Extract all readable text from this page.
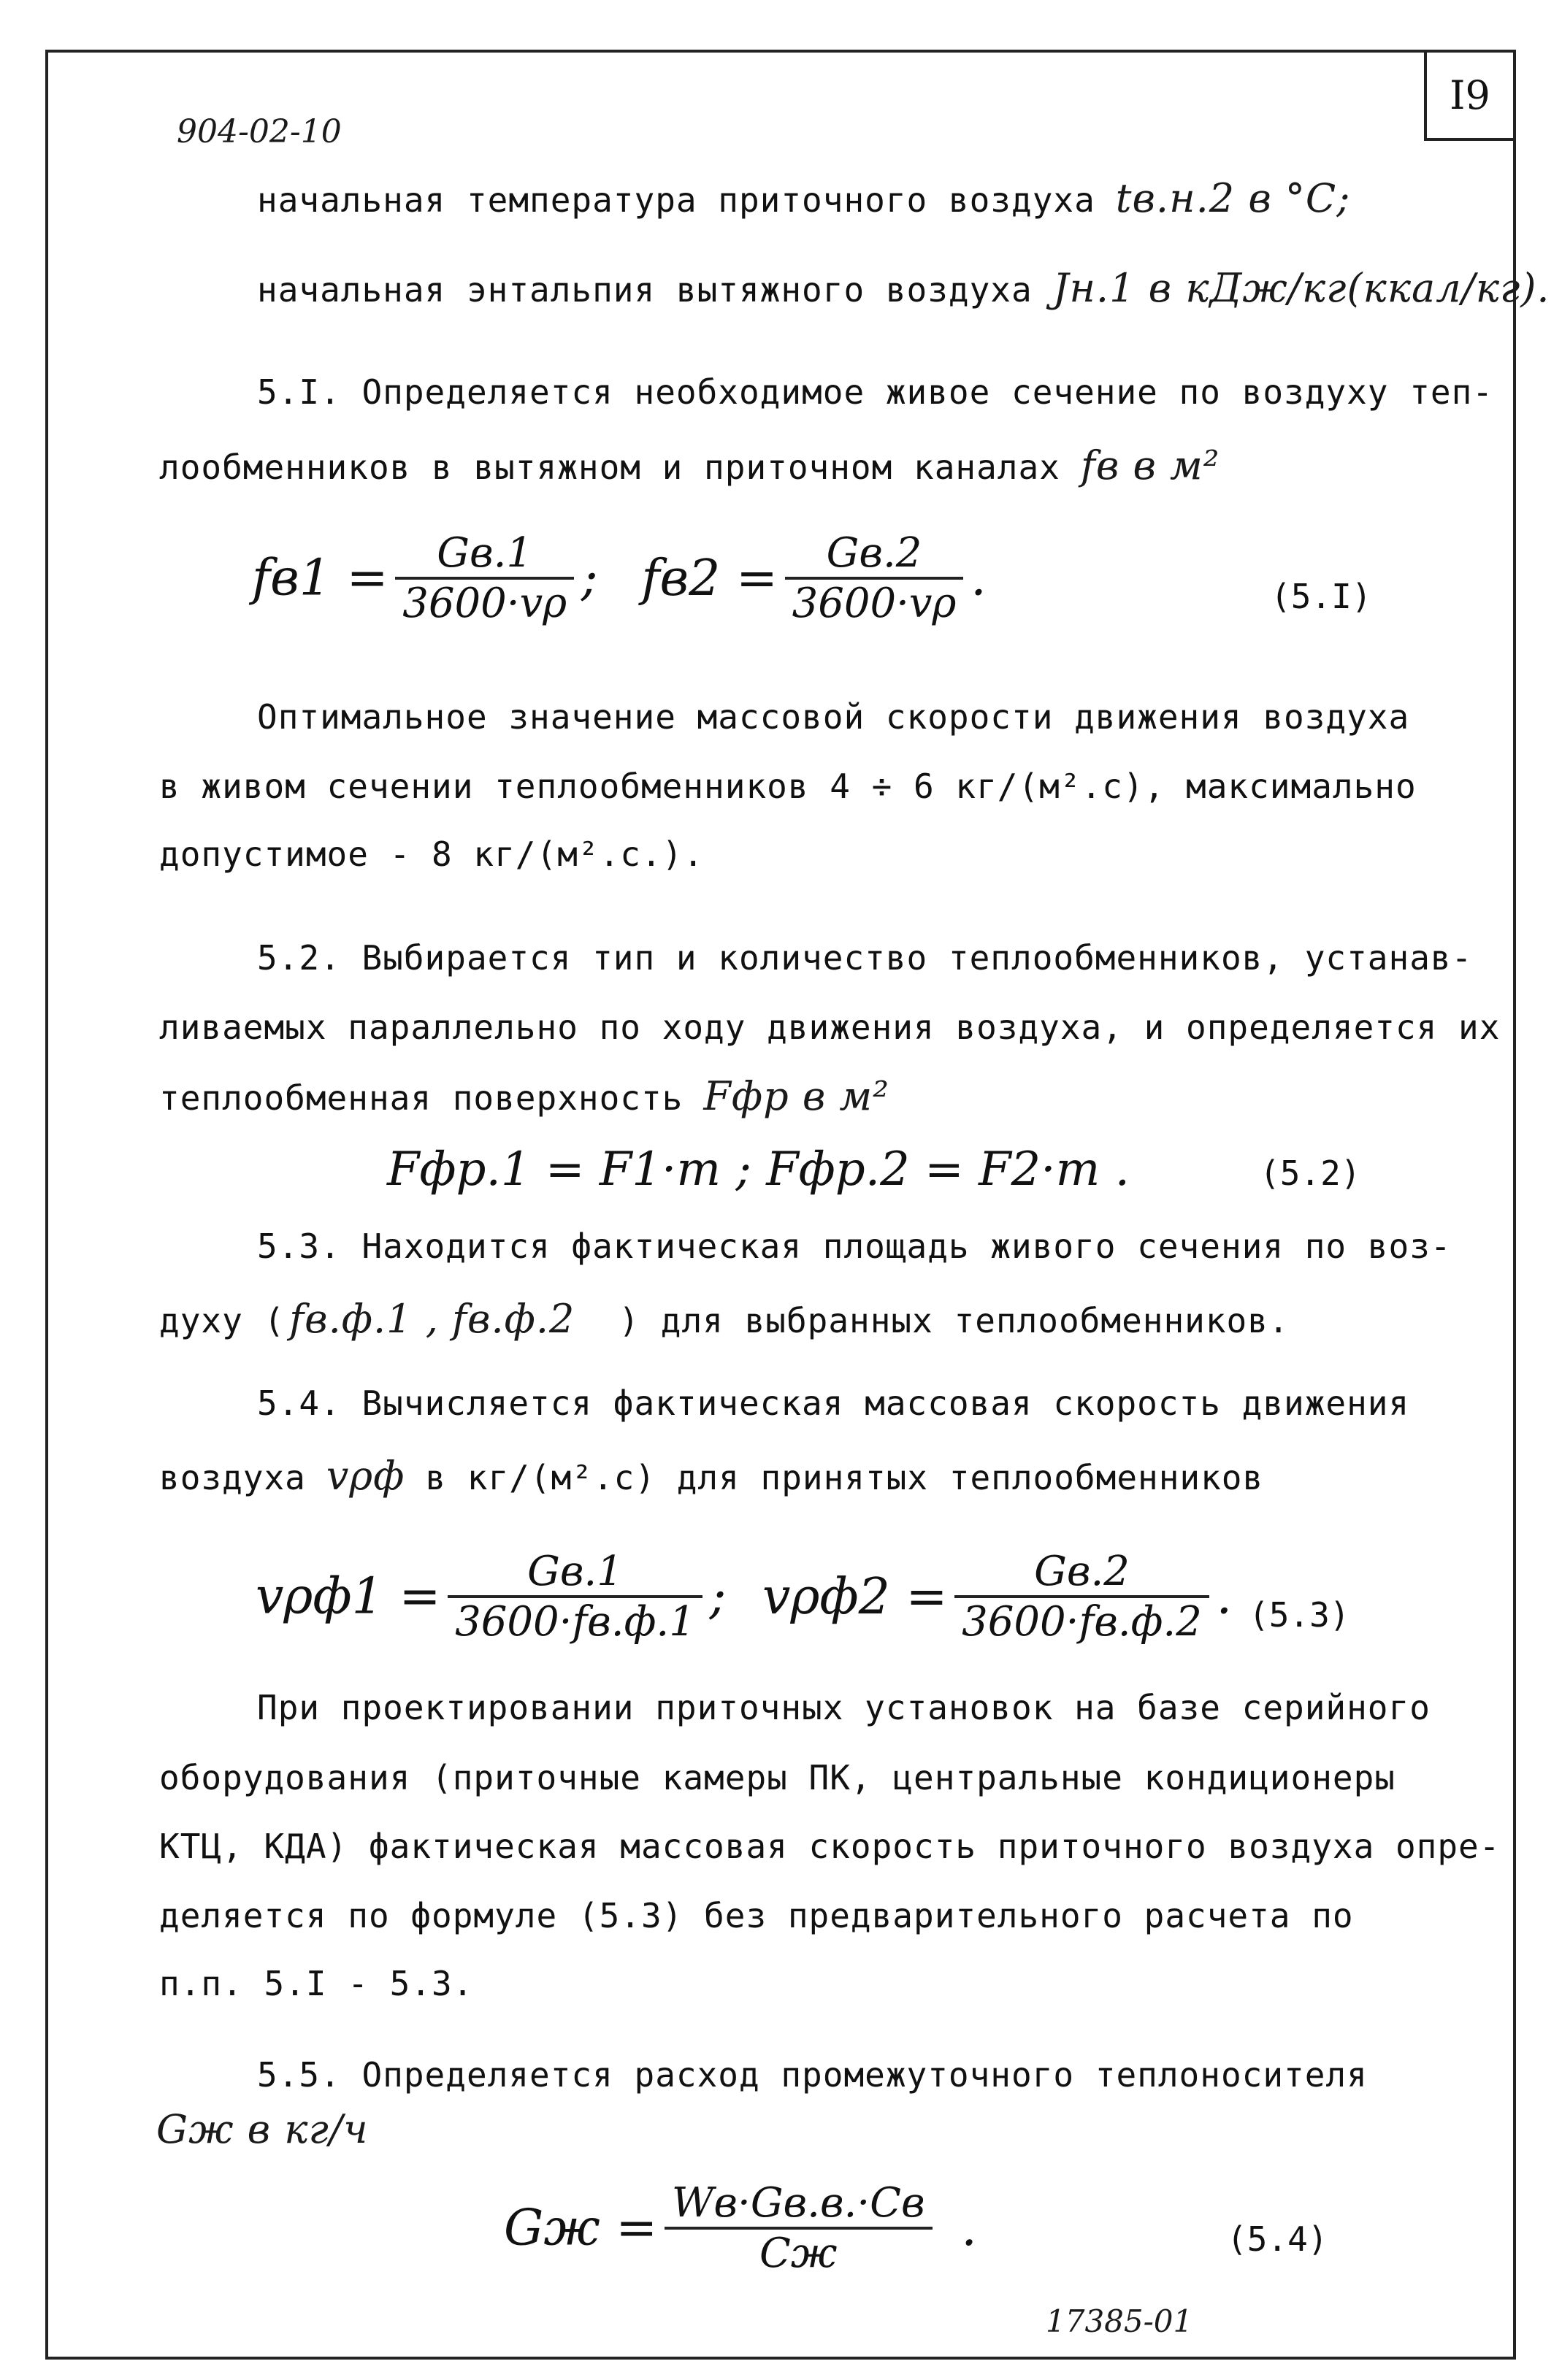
I9
904-02-10
начальная температура приточного воздуха tв.н.2 в °С;
начальная энтальпия вытяжного воздуха Jн.1 в кДж/кг(ккал/кг).
5.I. Определяется необходимое живое сечение по воздуху теп-
лообменников в вытяжном и приточном каналах fв в м²
$fв1 = \frac{Gв.1}{3600\cdot v\rho}$ ; $fв2 = \frac{Gв.2}{3600\cdot v\rho}$ .	(5.I)
Оптимальное значение массовой скорости движения воздуха
в живом сечении теплообменников 4 ÷ 6 кг/(м².с), максимально
допустимое - 8 кг/(м².с.).
5.2. Выбирается тип и количество теплообменников, устанав-
ливаемых параллельно по ходу движения воздуха, и определяется их
теплообменная поверхность Fфр в м²
Fфр.1 = F1·m ; Fфр.2 = F2·m .	(5.2)
5.3. Находится фактическая площадь живого сечения по воз-
духу ( fв.ф.1 , fв.ф.2 ) для выбранных теплообменников.
5.4. Вычисляется фактическая массовая скорость движения
воздуха vρф в кг/(м².с) для принятых теплообменников
$v\rho ф1 = \frac{Gв.1}{3600\cdot fв.ф.1}$ ; $v\rho ф2 = \frac{Gв.2}{3600\cdot fв.ф.2}$ . (5.3)
При проектировании приточных установок на базе серийного
оборудования (приточные камеры ПК, центральные кондиционеры
КТЦ, КДА) фактическая массовая скорость приточного воздуха опре-
деляется по формуле (5.3) без предварительного расчета по
п.п. 5.I - 5.3.
5.5. Определяется расход промежуточного теплоносителя
Gж в кг/ч
Gж = $\frac{Wв\cdot Gв.в.\cdot Cв}{Cж}$ .	(5.4)
17385-01
